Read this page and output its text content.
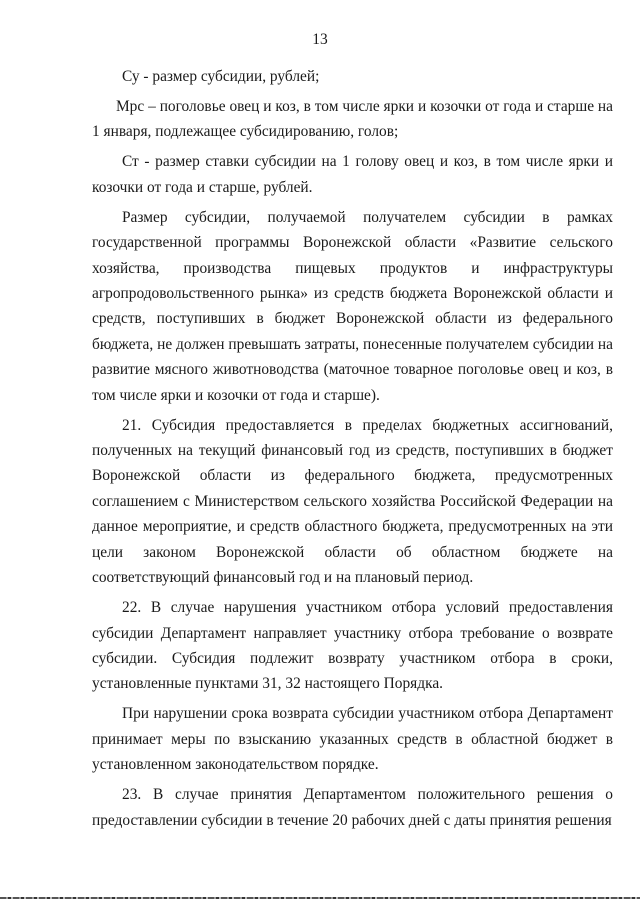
13

Су - размер субсидии, рублей;

Мрс – поголовье овец и коз, в том числе ярки и козочки от года и старше на 1 января, подлежащее субсидированию, голов;

Ст - размер ставки субсидии на 1 голову овец и коз, в том числе ярки и козочки от года и старше, рублей.

Размер субсидии, получаемой получателем субсидии в рамках государственной программы Воронежской области «Развитие сельского хозяйства, производства пищевых продуктов и инфраструктуры агропродовольственного рынка» из средств бюджета Воронежской области и средств, поступивших в бюджет Воронежской области из федерального бюджета, не должен превышать затраты, понесенные получателем субсидии на развитие мясного животноводства (маточное товарное поголовье овец и коз, в том числе ярки и козочки от года и старше).

21. Субсидия предоставляется в пределах бюджетных ассигнований, полученных на текущий финансовый год из средств, поступивших в бюджет Воронежской области из федерального бюджета, предусмотренных соглашением с Министерством сельского хозяйства Российской Федерации на данное мероприятие, и средств областного бюджета, предусмотренных на эти цели законом Воронежской области об областном бюджете на соответствующий финансовый год и на плановый период.

22. В случае нарушения участником отбора условий предоставления субсидии Департамент направляет участнику отбора требование о возврате субсидии. Субсидия подлежит возврату участником отбора в сроки, установленные пунктами 31, 32 настоящего Порядка.

При нарушении срока возврата субсидии участником отбора Департамент принимает меры по взысканию указанных средств в областной бюджет в установленном законодательством порядке.

23. В случае принятия Департаментом положительного решения о предоставлении субсидии в течение 20 рабочих дней с даты принятия решения
